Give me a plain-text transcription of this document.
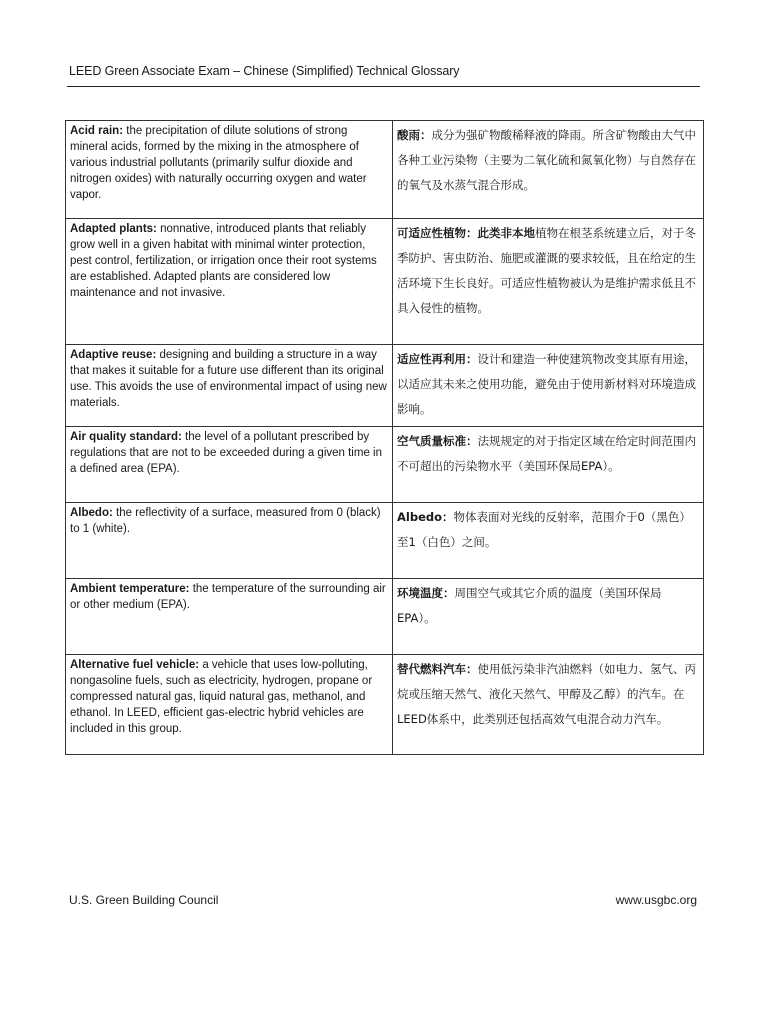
LEED Green Associate Exam – Chinese (Simplified) Technical Glossary
Acid rain: the precipitation of dilute solutions of strong mineral acids, formed by the mixing in the atmosphere of various industrial pollutants (primarily sulfur dioxide and nitrogen oxides) with naturally occurring oxygen and water vapor.	酸雨：成分为强矿物酸稀释液的降雨。所含矿物酸由大气中各种工业污染物（主要为二氧化硫和氮氧化物）与自然存在的氧气及水蒸气混合形成。
Adapted plants: nonnative, introduced plants that reliably grow well in a given habitat with minimal winter protection, pest control, fertilization, or irrigation once their root systems are established. Adapted plants are considered low maintenance and not invasive.	可适应性植物：此类非本地植物在根茎系统建立后，对于冬季防护、害虫防治、施肥或灌溉的要求较低，且在给定的生活环境下生长良好。可适应性植物被认为是维护需求低且不具入侵性的植物。
Adaptive reuse: designing and building a structure in a way that makes it suitable for a future use different than its original use. This avoids the use of environmental impact of using new materials.	适应性再利用：设计和建造一种使建筑物改变其原有用途，以适应其未来之使用功能，避免由于使用新材料对环境造成影响。
Air quality standard: the level of a pollutant prescribed by regulations that are not to be exceeded during a given time in a defined area (EPA).	空气质量标准：法规规定的对于指定区域在给定时间范围内不可超出的污染物水平（美国环保局EPA）。
Albedo: the reflectivity of a surface, measured from 0 (black) to 1 (white).	Albedo：物体表面对光线的反射率，范围介于0（黑色）至1（白色）之间。
Ambient temperature: the temperature of the surrounding air or other medium (EPA).	环境温度：周围空气或其它介质的温度（美国环保局EPA）。
Alternative fuel vehicle: a vehicle that uses low-polluting, nongasoline fuels, such as electricity, hydrogen, propane or compressed natural gas, liquid natural gas, methanol, and ethanol. In LEED, efficient gas-electric hybrid vehicles are included in this group.	替代燃料汽车：使用低污染非汽油燃料（如电力、氢气、丙烷或压缩天然气、液化天然气、甲醇及乙醇）的汽车。在LEED体系中，此类别还包括高效气电混合动力汽车。
U.S. Green Building Council	www.usgbc.org
